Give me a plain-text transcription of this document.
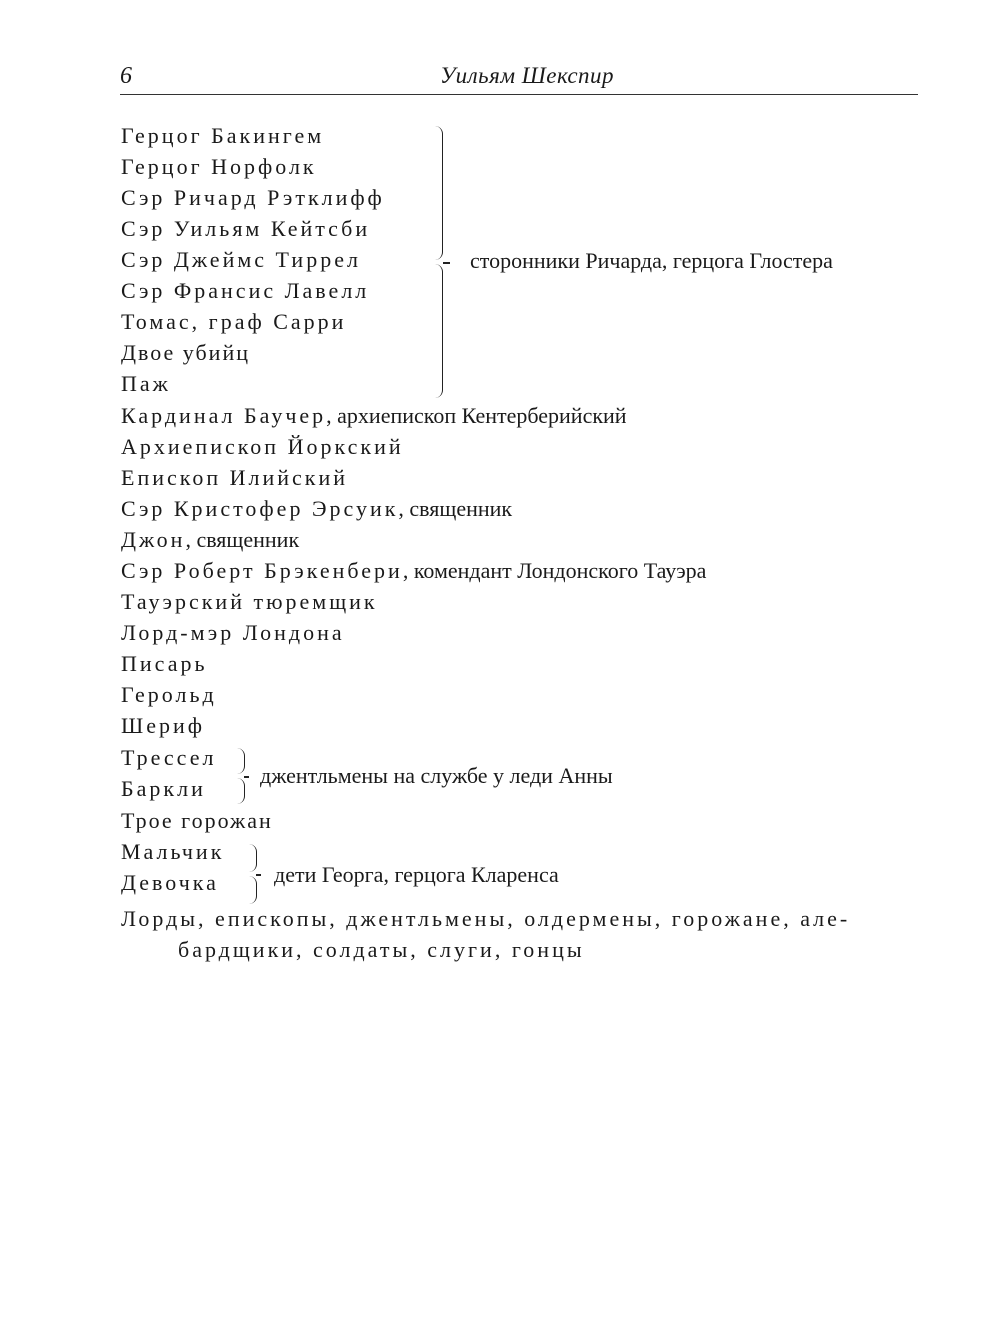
6	Уильям Шекспир
Герцог Бакингем
Герцог Норфолк
Сэр Ричард Рэтклифф
Сэр Уильям Кейтсби
Сэр Джеймс Тиррел
Сэр Франсис Лавелл
Томас, граф Сарри
Двое убийц
Паж
сторонники Ричарда, герцога Глостера
Кардинал Баучер, архиепископ Кентерберийский
Архиепископ Йоркский
Епископ Илийский
Сэр Кристофер Эрсуик, священник
Джон, священник
Сэр Роберт Брэкенбери, комендант Лондонского Тауэра
Тауэрский тюремщик
Лорд-мэр Лондона
Писарь
Герольд
Шериф
Трессел
Баркли
джентльмены на службе у леди Анны
Трое горожан
Мальчик
Девочка	дети Георга, герцога Кларенса
Лорды, епископы, джентльмены, олдермены, горожане, але-
бардщики, солдаты, слуги, гонцы
